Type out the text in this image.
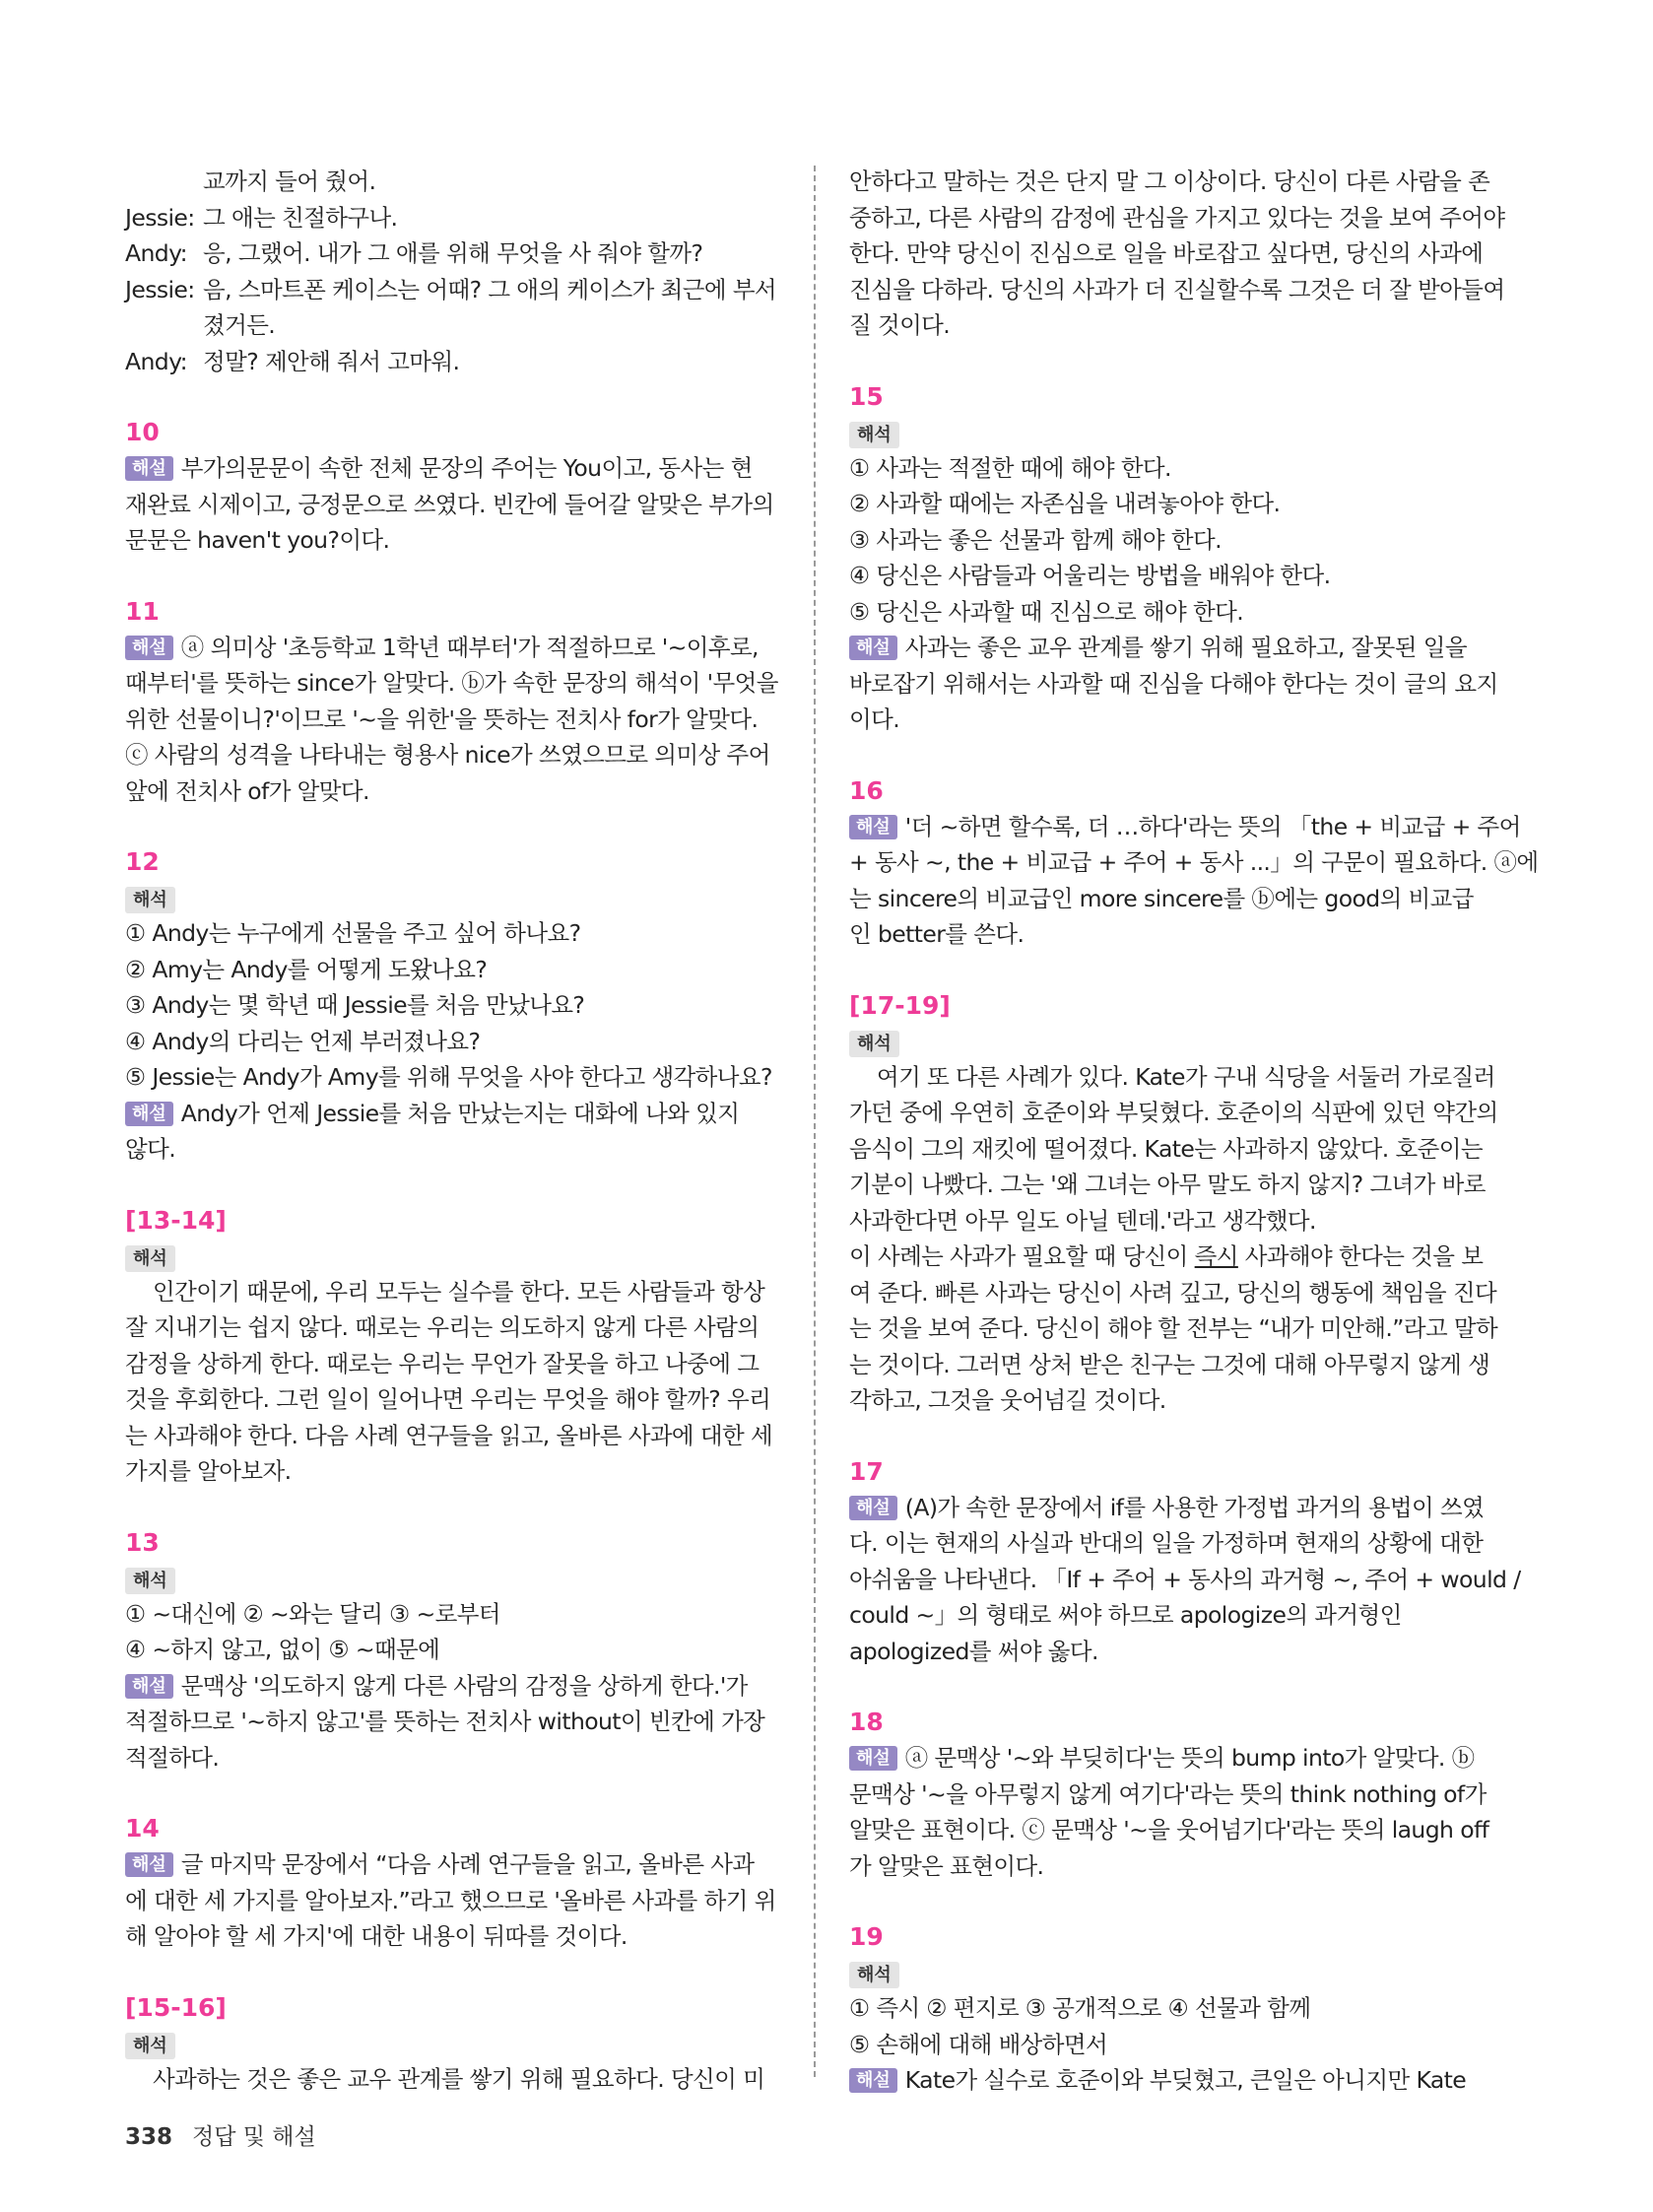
교까지 들어 줬어.
Jessie: 그 애는 친절하구나.
Andy: 응, 그랬어. 내가 그 애를 위해 무엇을 사 줘야 할까?
Jessie: 음, 스마트폰 케이스는 어때? 그 애의 케이스가 최근에 부서
졌거든.
Andy: 정말? 제안해 줘서 고마워.
10
해설 부가의문문이 속한 전체 문장의 주어는 You이고, 동사는 현
재완료 시제이고, 긍정문으로 쓰였다. 빈칸에 들어갈 알맞은 부가의
문문은 haven't you?이다.
11
해설 ⓐ 의미상 '초등학교 1학년 때부터'가 적절하므로 '~이후로,
때부터'를 뜻하는 since가 알맞다. ⓑ가 속한 문장의 해석이 '무엇을
위한 선물이니?'이므로 '~을 위한'을 뜻하는 전치사 for가 알맞다.
ⓒ 사람의 성격을 나타내는 형용사 nice가 쓰였으므로 의미상 주어
앞에 전치사 of가 알맞다.
12
해석
① Andy는 누구에게 선물을 주고 싶어 하나요?
② Amy는 Andy를 어떻게 도왔나요?
③ Andy는 몇 학년 때 Jessie를 처음 만났나요?
④ Andy의 다리는 언제 부러졌나요?
⑤ Jessie는 Andy가 Amy를 위해 무엇을 사야 한다고 생각하나요?
해설 Andy가 언제 Jessie를 처음 만났는지는 대화에 나와 있지
않다.
[13-14]
해석
인간이기 때문에, 우리 모두는 실수를 한다. 모든 사람들과 항상
잘 지내기는 쉽지 않다. 때로는 우리는 의도하지 않게 다른 사람의
감정을 상하게 한다. 때로는 우리는 무언가 잘못을 하고 나중에 그
것을 후회한다. 그런 일이 일어나면 우리는 무엇을 해야 할까? 우리
는 사과해야 한다. 다음 사례 연구들을 읽고, 올바른 사과에 대한 세
가지를 알아보자.
13
해석
① ~대신에 ② ~와는 달리 ③ ~로부터
④ ~하지 않고, 없이 ⑤ ~때문에
해설 문맥상 '의도하지 않게 다른 사람의 감정을 상하게 한다.'가
적절하므로 '~하지 않고'를 뜻하는 전치사 without이 빈칸에 가장
적절하다.
14
해설 글 마지막 문장에서 “다음 사례 연구들을 읽고, 올바른 사과
에 대한 세 가지를 알아보자.”라고 했으므로 '올바른 사과를 하기 위
해 알아야 할 세 가지'에 대한 내용이 뒤따를 것이다.
[15-16]
해석
사과하는 것은 좋은 교우 관계를 쌓기 위해 필요하다. 당신이 미
안하다고 말하는 것은 단지 말 그 이상이다. 당신이 다른 사람을 존
중하고, 다른 사람의 감정에 관심을 가지고 있다는 것을 보여 주어야
한다. 만약 당신이 진심으로 일을 바로잡고 싶다면, 당신의 사과에
진심을 다하라. 당신의 사과가 더 진실할수록 그것은 더 잘 받아들여
질 것이다.
15
해석
① 사과는 적절한 때에 해야 한다.
② 사과할 때에는 자존심을 내려놓아야 한다.
③ 사과는 좋은 선물과 함께 해야 한다.
④ 당신은 사람들과 어울리는 방법을 배워야 한다.
⑤ 당신은 사과할 때 진심으로 해야 한다.
해설 사과는 좋은 교우 관계를 쌓기 위해 필요하고, 잘못된 일을
바로잡기 위해서는 사과할 때 진심을 다해야 한다는 것이 글의 요지
이다.
16
해설 '더 ~하면 할수록, 더 …하다'라는 뜻의 「the + 비교급 + 주어
+ 동사 ~, the + 비교급 + 주어 + 동사 ...」의 구문이 필요하다. ⓐ에
는 sincere의 비교급인 more sincere를 ⓑ에는 good의 비교급
인 better를 쓴다.
[17-19]
해석
여기 또 다른 사례가 있다. Kate가 구내 식당을 서둘러 가로질러
가던 중에 우연히 호준이와 부딪혔다. 호준이의 식판에 있던 약간의
음식이 그의 재킷에 떨어졌다. Kate는 사과하지 않았다. 호준이는
기분이 나빴다. 그는 '왜 그녀는 아무 말도 하지 않지? 그녀가 바로
사과한다면 아무 일도 아닐 텐데.'라고 생각했다.
이 사례는 사과가 필요할 때 당신이 즉시 사과해야 한다는 것을 보
여 준다. 빠른 사과는 당신이 사려 깊고, 당신의 행동에 책임을 진다
는 것을 보여 준다. 당신이 해야 할 전부는 “내가 미안해.”라고 말하
는 것이다. 그러면 상처 받은 친구는 그것에 대해 아무렇지 않게 생
각하고, 그것을 웃어넘길 것이다.
17
해설 (A)가 속한 문장에서 if를 사용한 가정법 과거의 용법이 쓰였
다. 이는 현재의 사실과 반대의 일을 가정하며 현재의 상황에 대한
아쉬움을 나타낸다. 「If + 주어 + 동사의 과거형 ~, 주어 + would /
could ~」의 형태로 써야 하므로 apologize의 과거형인
apologized를 써야 옳다.
18
해설 ⓐ 문맥상 '~와 부딪히다'는 뜻의 bump into가 알맞다. ⓑ
문맥상 '~을 아무렇지 않게 여기다'라는 뜻의 think nothing of가
알맞은 표현이다. ⓒ 문맥상 '~을 웃어넘기다'라는 뜻의 laugh off
가 알맞은 표현이다.
19
해석
① 즉시 ② 편지로 ③ 공개적으로 ④ 선물과 함께
⑤ 손해에 대해 배상하면서
해설 Kate가 실수로 호준이와 부딪혔고, 큰일은 아니지만 Kate
338 정답 및 해설
